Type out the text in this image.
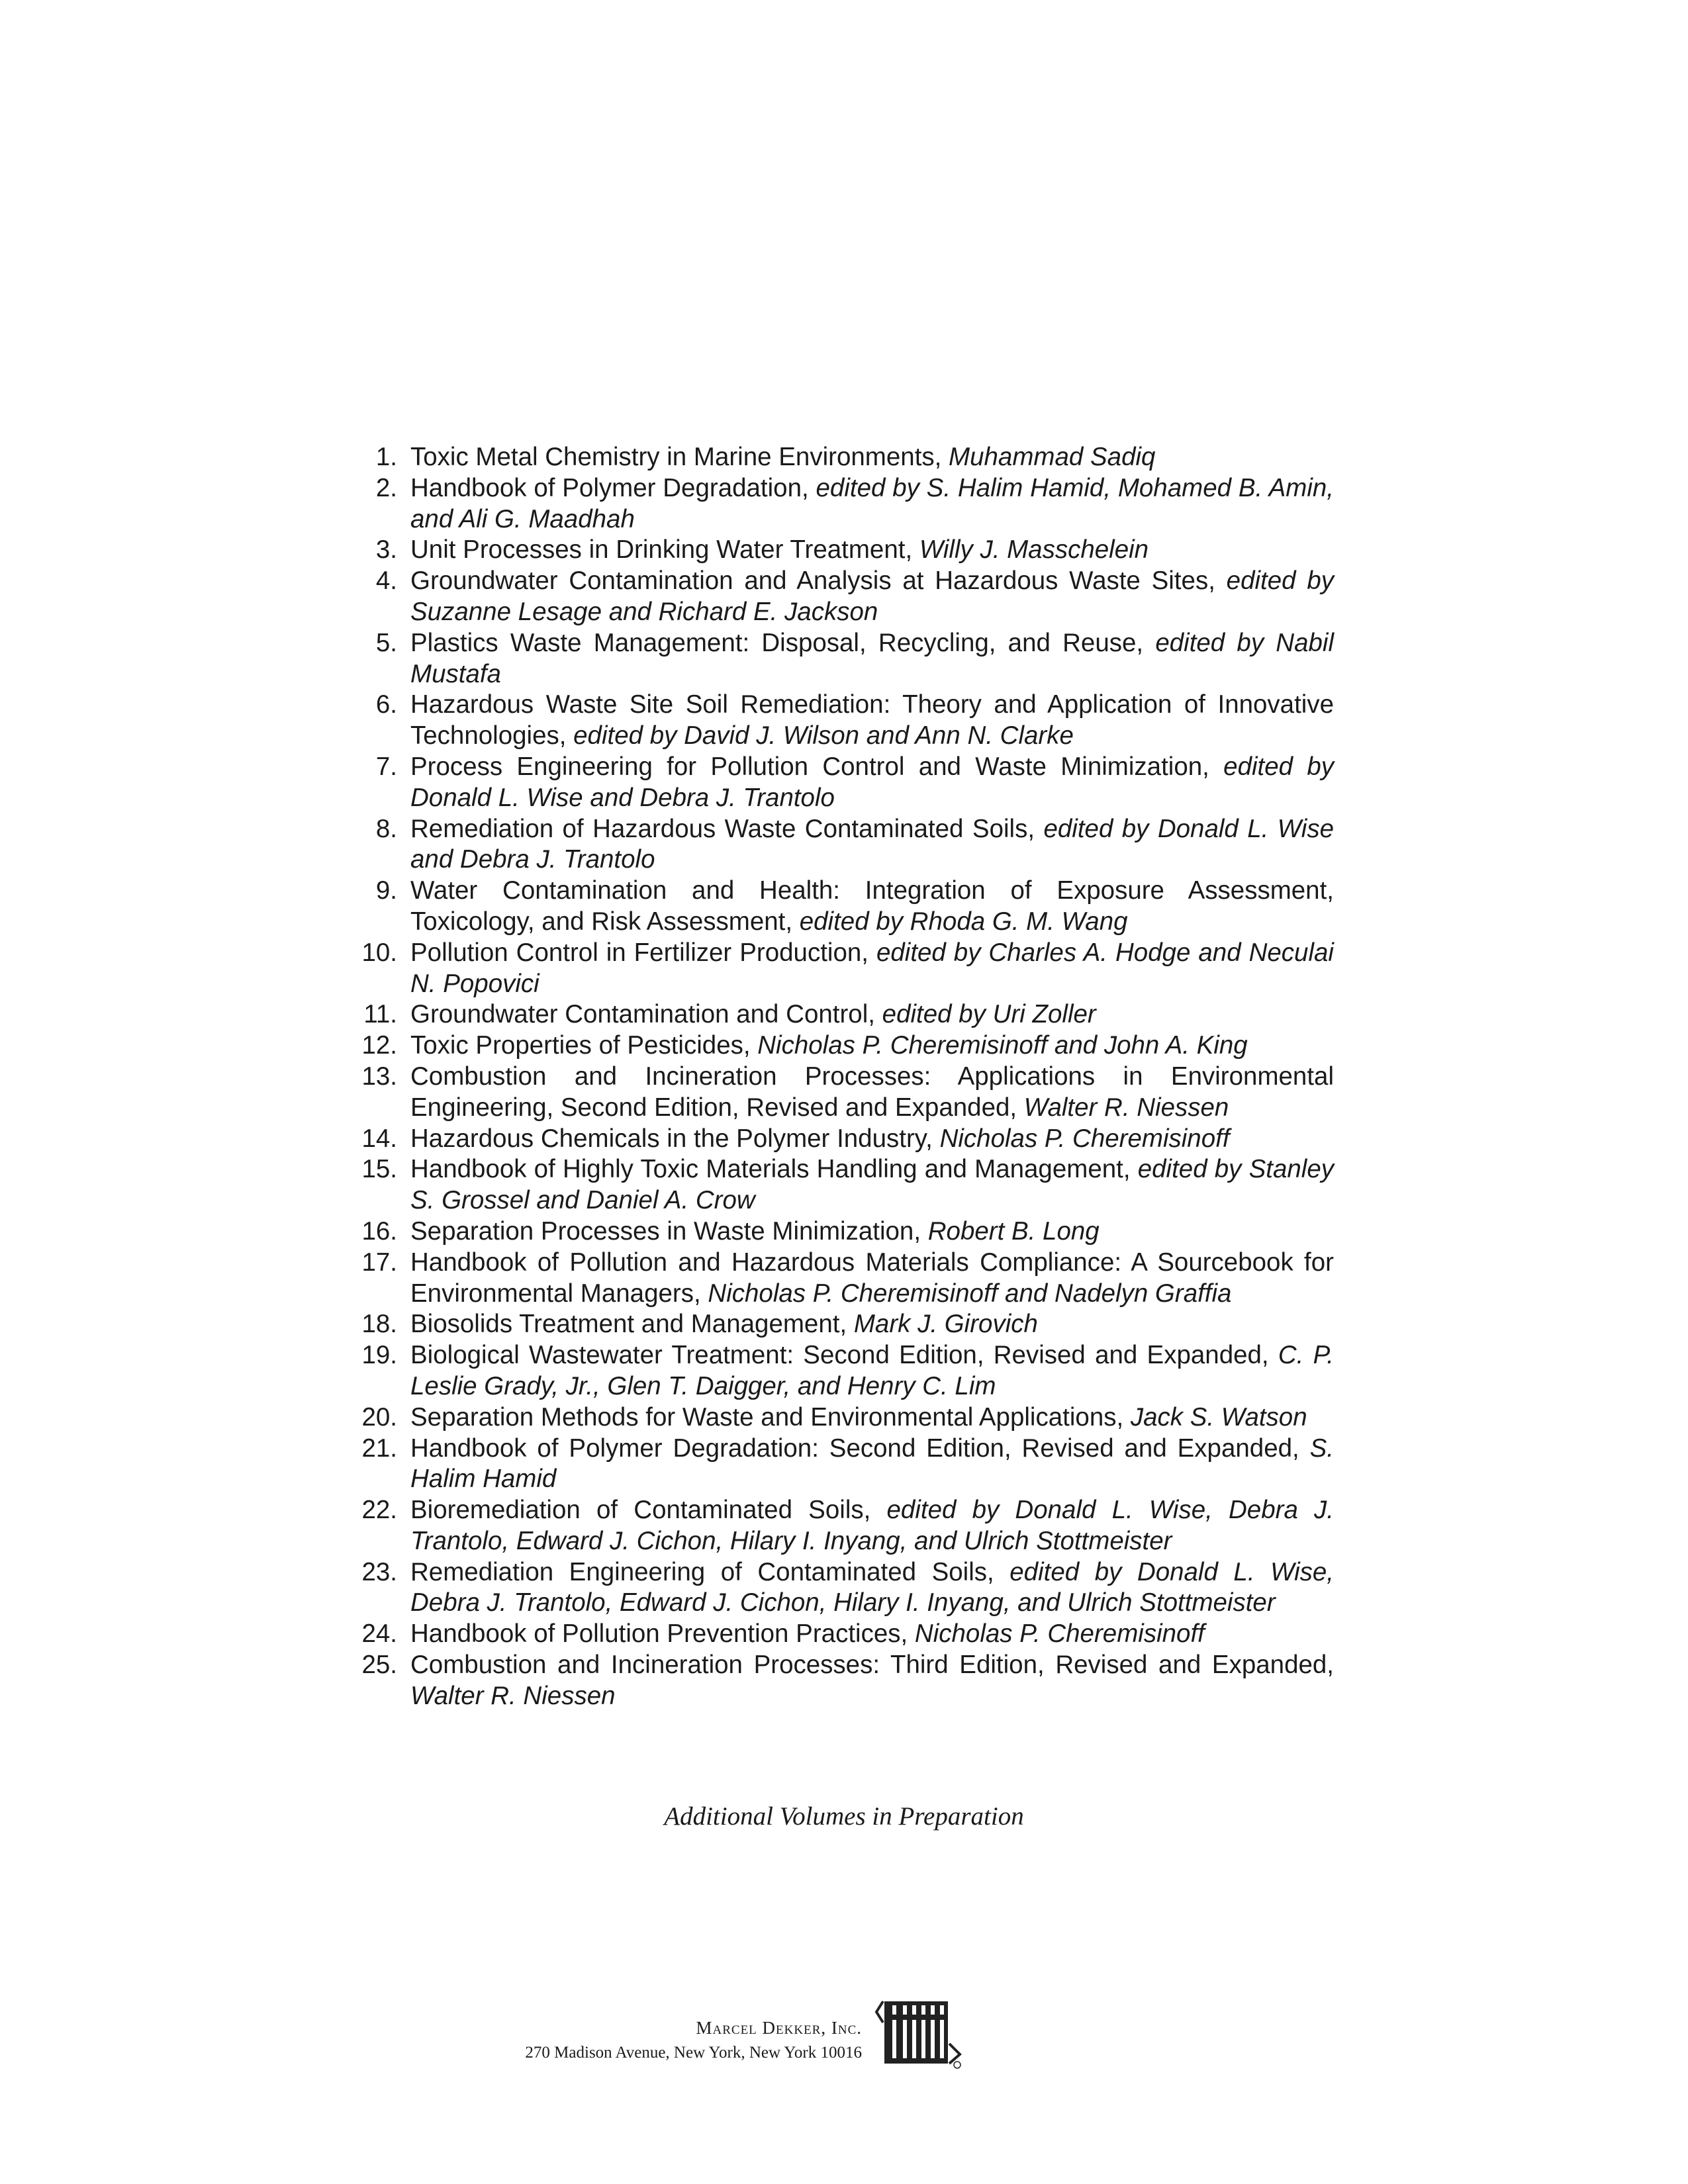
1. Toxic Metal Chemistry in Marine Environments, Muhammad Sadiq
2. Handbook of Polymer Degradation, edited by S. Halim Hamid, Mohamed B. Amin, and Ali G. Maadhah
3. Unit Processes in Drinking Water Treatment, Willy J. Masschelein
4. Groundwater Contamination and Analysis at Hazardous Waste Sites, edited by Suzanne Lesage and Richard E. Jackson
5. Plastics Waste Management: Disposal, Recycling, and Reuse, edited by Nabil Mustafa
6. Hazardous Waste Site Soil Remediation: Theory and Application of Innovative Technologies, edited by David J. Wilson and Ann N. Clarke
7. Process Engineering for Pollution Control and Waste Minimization, edited by Donald L. Wise and Debra J. Trantolo
8. Remediation of Hazardous Waste Contaminated Soils, edited by Donald L. Wise and Debra J. Trantolo
9. Water Contamination and Health: Integration of Exposure Assessment, Toxicology, and Risk Assessment, edited by Rhoda G. M. Wang
10. Pollution Control in Fertilizer Production, edited by Charles A. Hodge and Neculai N. Popovici
11. Groundwater Contamination and Control, edited by Uri Zoller
12. Toxic Properties of Pesticides, Nicholas P. Cheremisinoff and John A. King
13. Combustion and Incineration Processes: Applications in Environmental Engineering, Second Edition, Revised and Expanded, Walter R. Niessen
14. Hazardous Chemicals in the Polymer Industry, Nicholas P. Cheremisinoff
15. Handbook of Highly Toxic Materials Handling and Management, edited by Stanley S. Grossel and Daniel A. Crow
16. Separation Processes in Waste Minimization, Robert B. Long
17. Handbook of Pollution and Hazardous Materials Compliance: A Sourcebook for Environmental Managers, Nicholas P. Cheremisinoff and Nadelyn Graffia
18. Biosolids Treatment and Management, Mark J. Girovich
19. Biological Wastewater Treatment: Second Edition, Revised and Expanded, C. P. Leslie Grady, Jr., Glen T. Daigger, and Henry C. Lim
20. Separation Methods for Waste and Environmental Applications, Jack S. Watson
21. Handbook of Polymer Degradation: Second Edition, Revised and Expanded, S. Halim Hamid
22. Bioremediation of Contaminated Soils, edited by Donald L. Wise, Debra J. Trantolo, Edward J. Cichon, Hilary I. Inyang, and Ulrich Stottmeister
23. Remediation Engineering of Contaminated Soils, edited by Donald L. Wise, Debra J. Trantolo, Edward J. Cichon, Hilary I. Inyang, and Ulrich Stottmeister
24. Handbook of Pollution Prevention Practices, Nicholas P. Cheremisinoff
25. Combustion and Incineration Processes: Third Edition, Revised and Expanded, Walter R. Niessen
Additional Volumes in Preparation
Marcel Dekker, Inc.
270 Madison Avenue, New York, New York 10016
